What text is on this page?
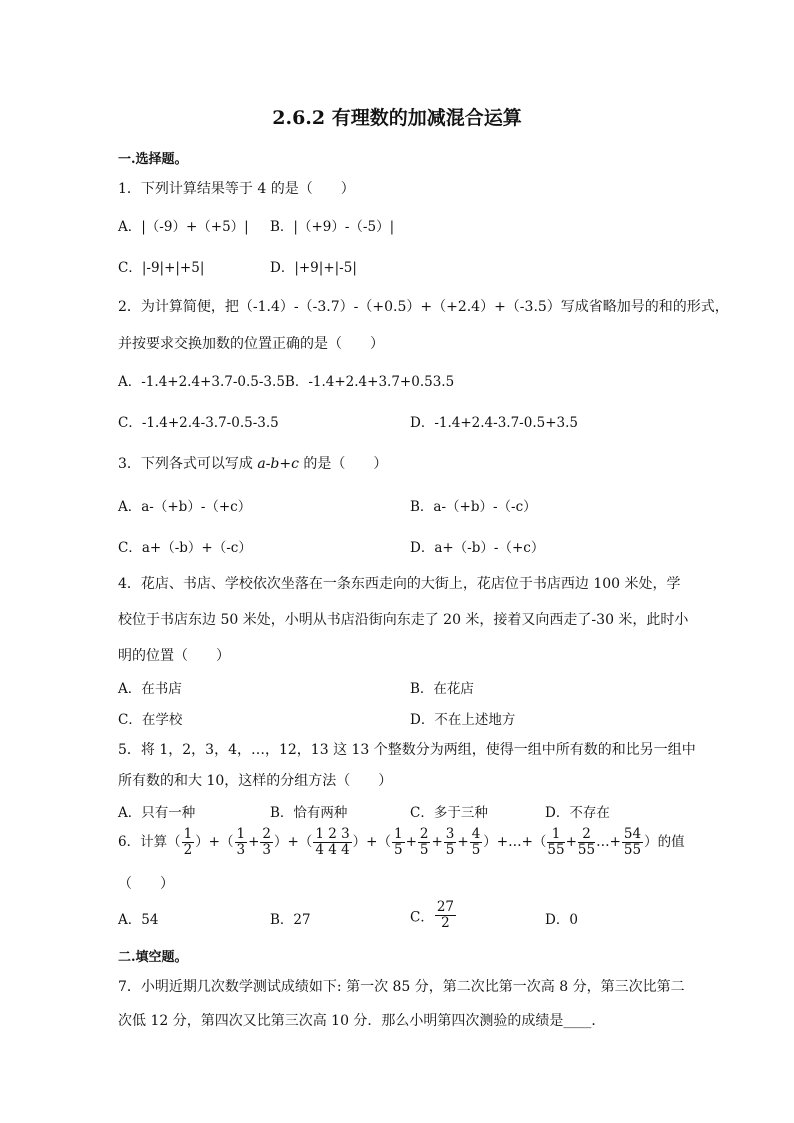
2.6.2 有理数的加减混合运算
一.选择题。
1．下列计算结果等于 4 的是（　　）
A．|（-9）+（+5）| B．|（+9）-（-5）|
C．|-9|+|+5|	D．|+9|+|-5|
2．为计算简便，把（-1.4）-（-3.7）-（+0.5）+（+2.4）+（-3.5）写成省略加号的和的形式，
并按要求交换加数的位置正确的是（　　）
A．-1.4+2.4+3.7-0.5-3.5B．-1.4+2.4+3.7+0.53.5
C．-1.4+2.4-3.7-0.5-3.5	D．-1.4+2.4-3.7-0.5+3.5
3．下列各式可以写成 a-b+c 的是（　　）
A．a-（+b）-（+c）	B．a-（+b）-（-c）
C．a+（-b）+（-c）	D．a+（-b）-（+c）
4．花店、书店、学校依次坐落在一条东西走向的大街上，花店位于书店西边 100 米处，学
校位于书店东边 50 米处，小明从书店沿街向东走了 20 米，接着又向西走了-30 米，此时小
明的位置（　　）
A．在书店	B．在花店
C．在学校	D．不在上述地方
5．将 1，2，3，4，…，12，13 这 13 个整数分为两组，使得一组中所有数的和比另一组中
所有数的和大 10，这样的分组方法（　　）
A．只有一种	B．恰有两种	C．多于三种	D．不存在
6．计算（ $\frac{1}{2}$ ）+（ $\frac{1}{3} + \frac{2}{3}$ ）+（ $\frac{1 2 3}{4 4 4}$ ）+（ $\frac{1}{5} + \frac{2}{5} + \frac{3}{5} + \frac{4}{5}$ ）+…+（ $\frac{1}{55} + \frac{2}{55}$ …+ $\frac{54}{55}$ ）的值
（　　）
A．54	B．27	C． $\frac{27}{2}$	D．0
二.填空题。
7．小明近期几次数学测试成绩如下: 第一次 85 分，第二次比第一次高 8 分，第三次比第二
次低 12 分，第四次又比第三次高 10 分．那么小明第四次测验的成绩是____．
